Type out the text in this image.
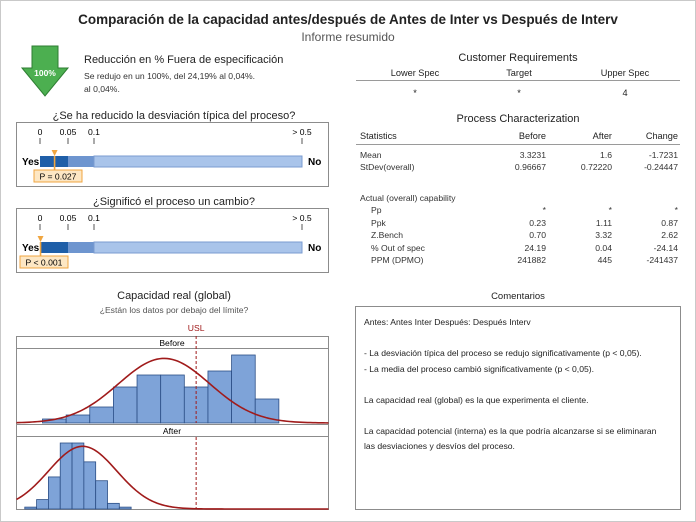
Comparación de la capacidad antes/después de Antes de Inter vs Después de Interv
Informe resumido
100%
Reducción en % Fuera de especificación
Se redujo en un 100%, del 24,19% al 0,04%.
al 0,04%.
¿Se ha reducido la desviación típica del proceso?
0 0.05 0.1	> 0.5
Yes	No
P = 0.027
¿Significó el proceso un cambio?
0 0.05 0.1	> 0.5
Yes	No
P < 0.001
Capacidad real (global)
¿Están los datos por debajo del límite?
USL
Before
After
Customer Requirements
Lower Spec	Target	Upper Spec
*	*	4
Process Characterization
Statistics	Before	After	Change
Mean	3.3231	1.6	-1.7231
StDev(overall)	0.96667	0.72220	-0.24447
Actual (overall) capability
Pp	*	*	*
Ppk	0.23	1.11	0.87
Z.Bench	0.70	3.32	2.62
% Out of spec	24.19	0.04	-24.14
PPM (DPMO)	241882	445	-241437
Comentarios
Antes: Antes Inter Después: Después Interv
- La desviación típica del proceso se redujo significativamente (p < 0,05).
- La media del proceso cambió significativamente (p < 0,05).
La capacidad real (global) es la que experimenta el cliente.
La capacidad potencial (interna) es la que podría alcanzarse si se eliminaran
las desviaciones y desvíos del proceso.
